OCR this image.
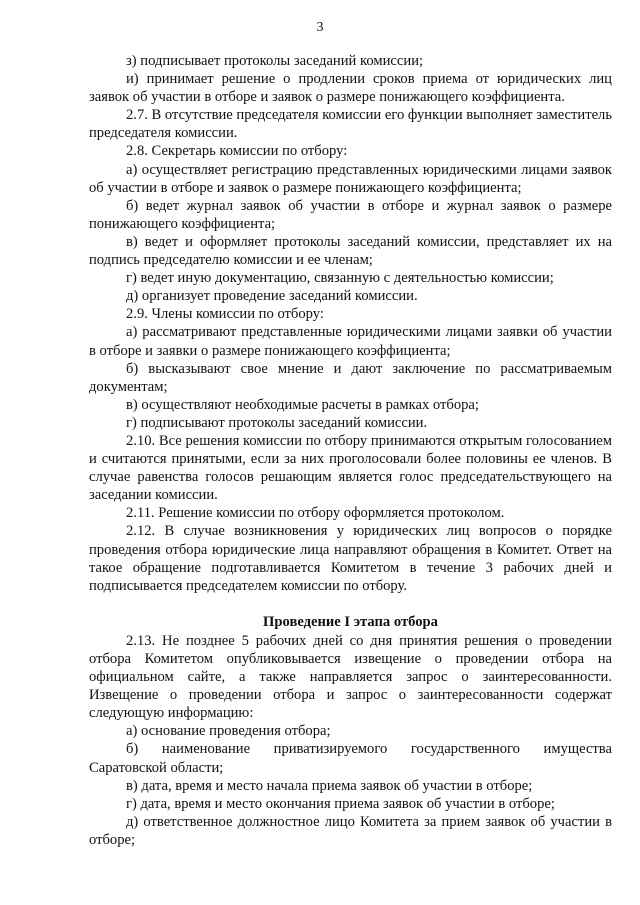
3

з) подписывает протоколы заседаний комиссии;

и) принимает решение о продлении сроков приема от юридических лиц заявок об участии в отборе и заявок о размере понижающего коэффициента.

2.7. В отсутствие председателя комиссии его функции выполняет заместитель председателя комиссии.

2.8. Секретарь комиссии по отбору:

а) осуществляет регистрацию представленных юридическими лицами заявок об участии в отборе и заявок о размере понижающего коэффициента;

б) ведет журнал заявок об участии в отборе и журнал заявок о размере понижающего коэффициента;

в) ведет и оформляет протоколы заседаний комиссии, представляет их на подпись председателю комиссии и ее членам;

г) ведет иную документацию, связанную с деятельностью комиссии;

д) организует проведение заседаний комиссии.

2.9. Члены комиссии по отбору:

а) рассматривают представленные юридическими лицами заявки об участии в отборе и заявки о размере понижающего коэффициента;

б) высказывают свое мнение и дают заключение по рассматриваемым документам;

в) осуществляют необходимые расчеты в рамках отбора;

г) подписывают протоколы заседаний комиссии.

2.10. Все решения комиссии по отбору принимаются открытым голосованием и считаются принятыми, если за них проголосовали более половины ее членов. В случае равенства голосов решающим является голос председательствующего на заседании комиссии.

2.11. Решение комиссии по отбору оформляется протоколом.

2.12. В случае возникновения у юридических лиц вопросов о порядке проведения отбора юридические лица направляют обращения в Комитет. Ответ на такое обращение подготавливается Комитетом в течение 3 рабочих дней и подписывается председателем комиссии по отбору.

Проведение I этапа отбора

2.13. Не позднее 5 рабочих дней со дня принятия решения о проведении отбора Комитетом опубликовывается извещение о проведении отбора на официальном сайте, а также направляется запрос о заинтересованности. Извещение о проведении отбора и запрос о заинтересованности содержат следующую информацию:

а) основание проведения отбора;

б) наименование приватизируемого государственного имущества Саратовской области;

в) дата, время и место начала приема заявок об участии в отборе;

г) дата, время и место окончания приема заявок об участии в отборе;

д) ответственное должностное лицо Комитета за прием заявок об участии в отборе;
